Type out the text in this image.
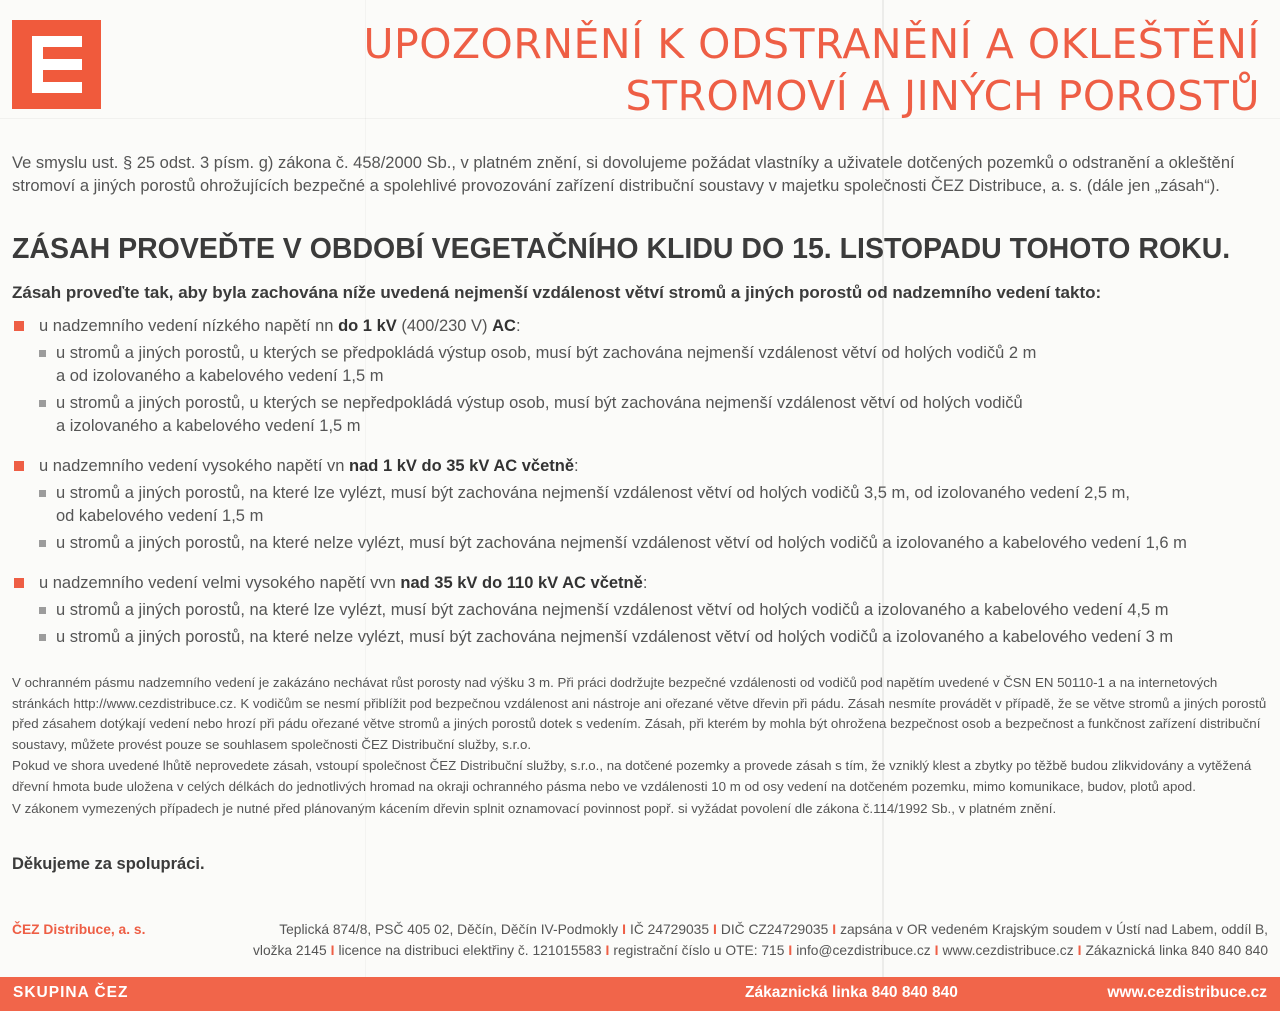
UPOZORNĚNÍ K ODSTRANĚNÍ A OKLEŠTĚNÍ
STROMOVÍ A JINÝCH POROSTŮ
Ve smyslu ust. § 25 odst. 3 písm. g) zákona č. 458/2000 Sb., v platném znění, si dovolujeme požádat vlastníky a uživatele dotčených pozemků o odstranění a okleštění stromoví a jiných porostů ohrožujících bezpečné a spolehlivé provozování zařízení distribuční soustavy v majetku společnosti ČEZ Distribuce, a. s. (dále jen „zásah“).
ZÁSAH PROVEĎTE V OBDOBÍ VEGETAČNÍHO KLIDU DO 15. LISTOPADU TOHOTO ROKU.
Zásah proveďte tak, aby byla zachována níže uvedená nejmenší vzdálenost větví stromů a jiných porostů od nadzemního vedení takto:
u nadzemního vedení nízkého napětí nn do 1 kV (400/230 V) AC:
u stromů a jiných porostů, u kterých se předpokládá výstup osob, musí být zachována nejmenší vzdálenost větví od holých vodičů 2 m
a od izolovaného a kabelového vedení 1,5 m
u stromů a jiných porostů, u kterých se nepředpokládá výstup osob, musí být zachována nejmenší vzdálenost větví od holých vodičů
a izolovaného a kabelového vedení 1,5 m
u nadzemního vedení vysokého napětí vn nad 1 kV do 35 kV AC včetně:
u stromů a jiných porostů, na které lze vylézt, musí být zachována nejmenší vzdálenost větví od holých vodičů 3,5 m, od izolovaného vedení 2,5 m,
od kabelového vedení 1,5 m
u stromů a jiných porostů, na které nelze vylézt, musí být zachována nejmenší vzdálenost větví od holých vodičů a izolovaného a kabelového vedení 1,6 m
u nadzemního vedení velmi vysokého napětí vvn nad 35 kV do 110 kV AC včetně:
u stromů a jiných porostů, na které lze vylézt, musí být zachována nejmenší vzdálenost větví od holých vodičů a izolovaného a kabelového vedení 4,5 m
u stromů a jiných porostů, na které nelze vylézt, musí být zachována nejmenší vzdálenost větví od holých vodičů a izolovaného a kabelového vedení 3 m

V ochranném pásmu nadzemního vedení je zakázáno nechávat růst porosty nad výšku 3 m. Při práci dodržujte bezpečné vzdálenosti od vodičů pod napětím uvedené v ČSN EN 50110-1 a na internetových stránkách http://www.cezdistribuce.cz. K vodičům se nesmí přiblížit pod bezpečnou vzdálenost ani nástroje ani ořezané větve dřevin při pádu. Zásah nesmíte provádět v případě, že se větve stromů a jiných porostů před zásahem dotýkají vedení nebo hrozí při pádu ořezané větve stromů a jiných porostů dotek s vedením. Zásah, při kterém by mohla být ohrožena bezpečnost osob a bezpečnost a funkčnost zařízení distribuční soustavy, můžete provést pouze se souhlasem společnosti ČEZ Distribuční služby, s.r.o.

Pokud ve shora uvedené lhůtě neprovedete zásah, vstoupí společnost ČEZ Distribuční služby, s.r.o., na dotčené pozemky a provede zásah s tím, že vzniklý klest a zbytky po těžbě budou zlikvidovány a vytěžená dřevní hmota bude uložena v celých délkách do jednotlivých hromad na okraji ochranného pásma nebo ve vzdálenosti 10 m od osy vedení na dotčeném pozemku, mimo komunikace, budov, plotů apod.

V zákonem vymezených případech je nutné před plánovaným kácením dřevin splnit oznamovací povinnost popř. si vyžádat povolení dle zákona č.114/1992 Sb., v platném znění.

Děkujeme za spolupráci.
ČEZ Distribuce, a. s.	Teplická 874/8, PSČ 405 02, Děčín, Děčín IV-Podmokly I IČ 24729035 I DIČ CZ24729035 I zapsána v OR vedeném Krajským soudem v Ústí nad Labem, oddíl B,
vložka 2145 I licence na distribuci elektřiny č. 121015583 I registrační číslo u OTE: 715 I info@cezdistribuce.cz I www.cezdistribuce.cz I Zákaznická linka 840 840 840
SKUPINA ČEZ	Zákaznická linka 840 840 840	www.cezdistribuce.cz
